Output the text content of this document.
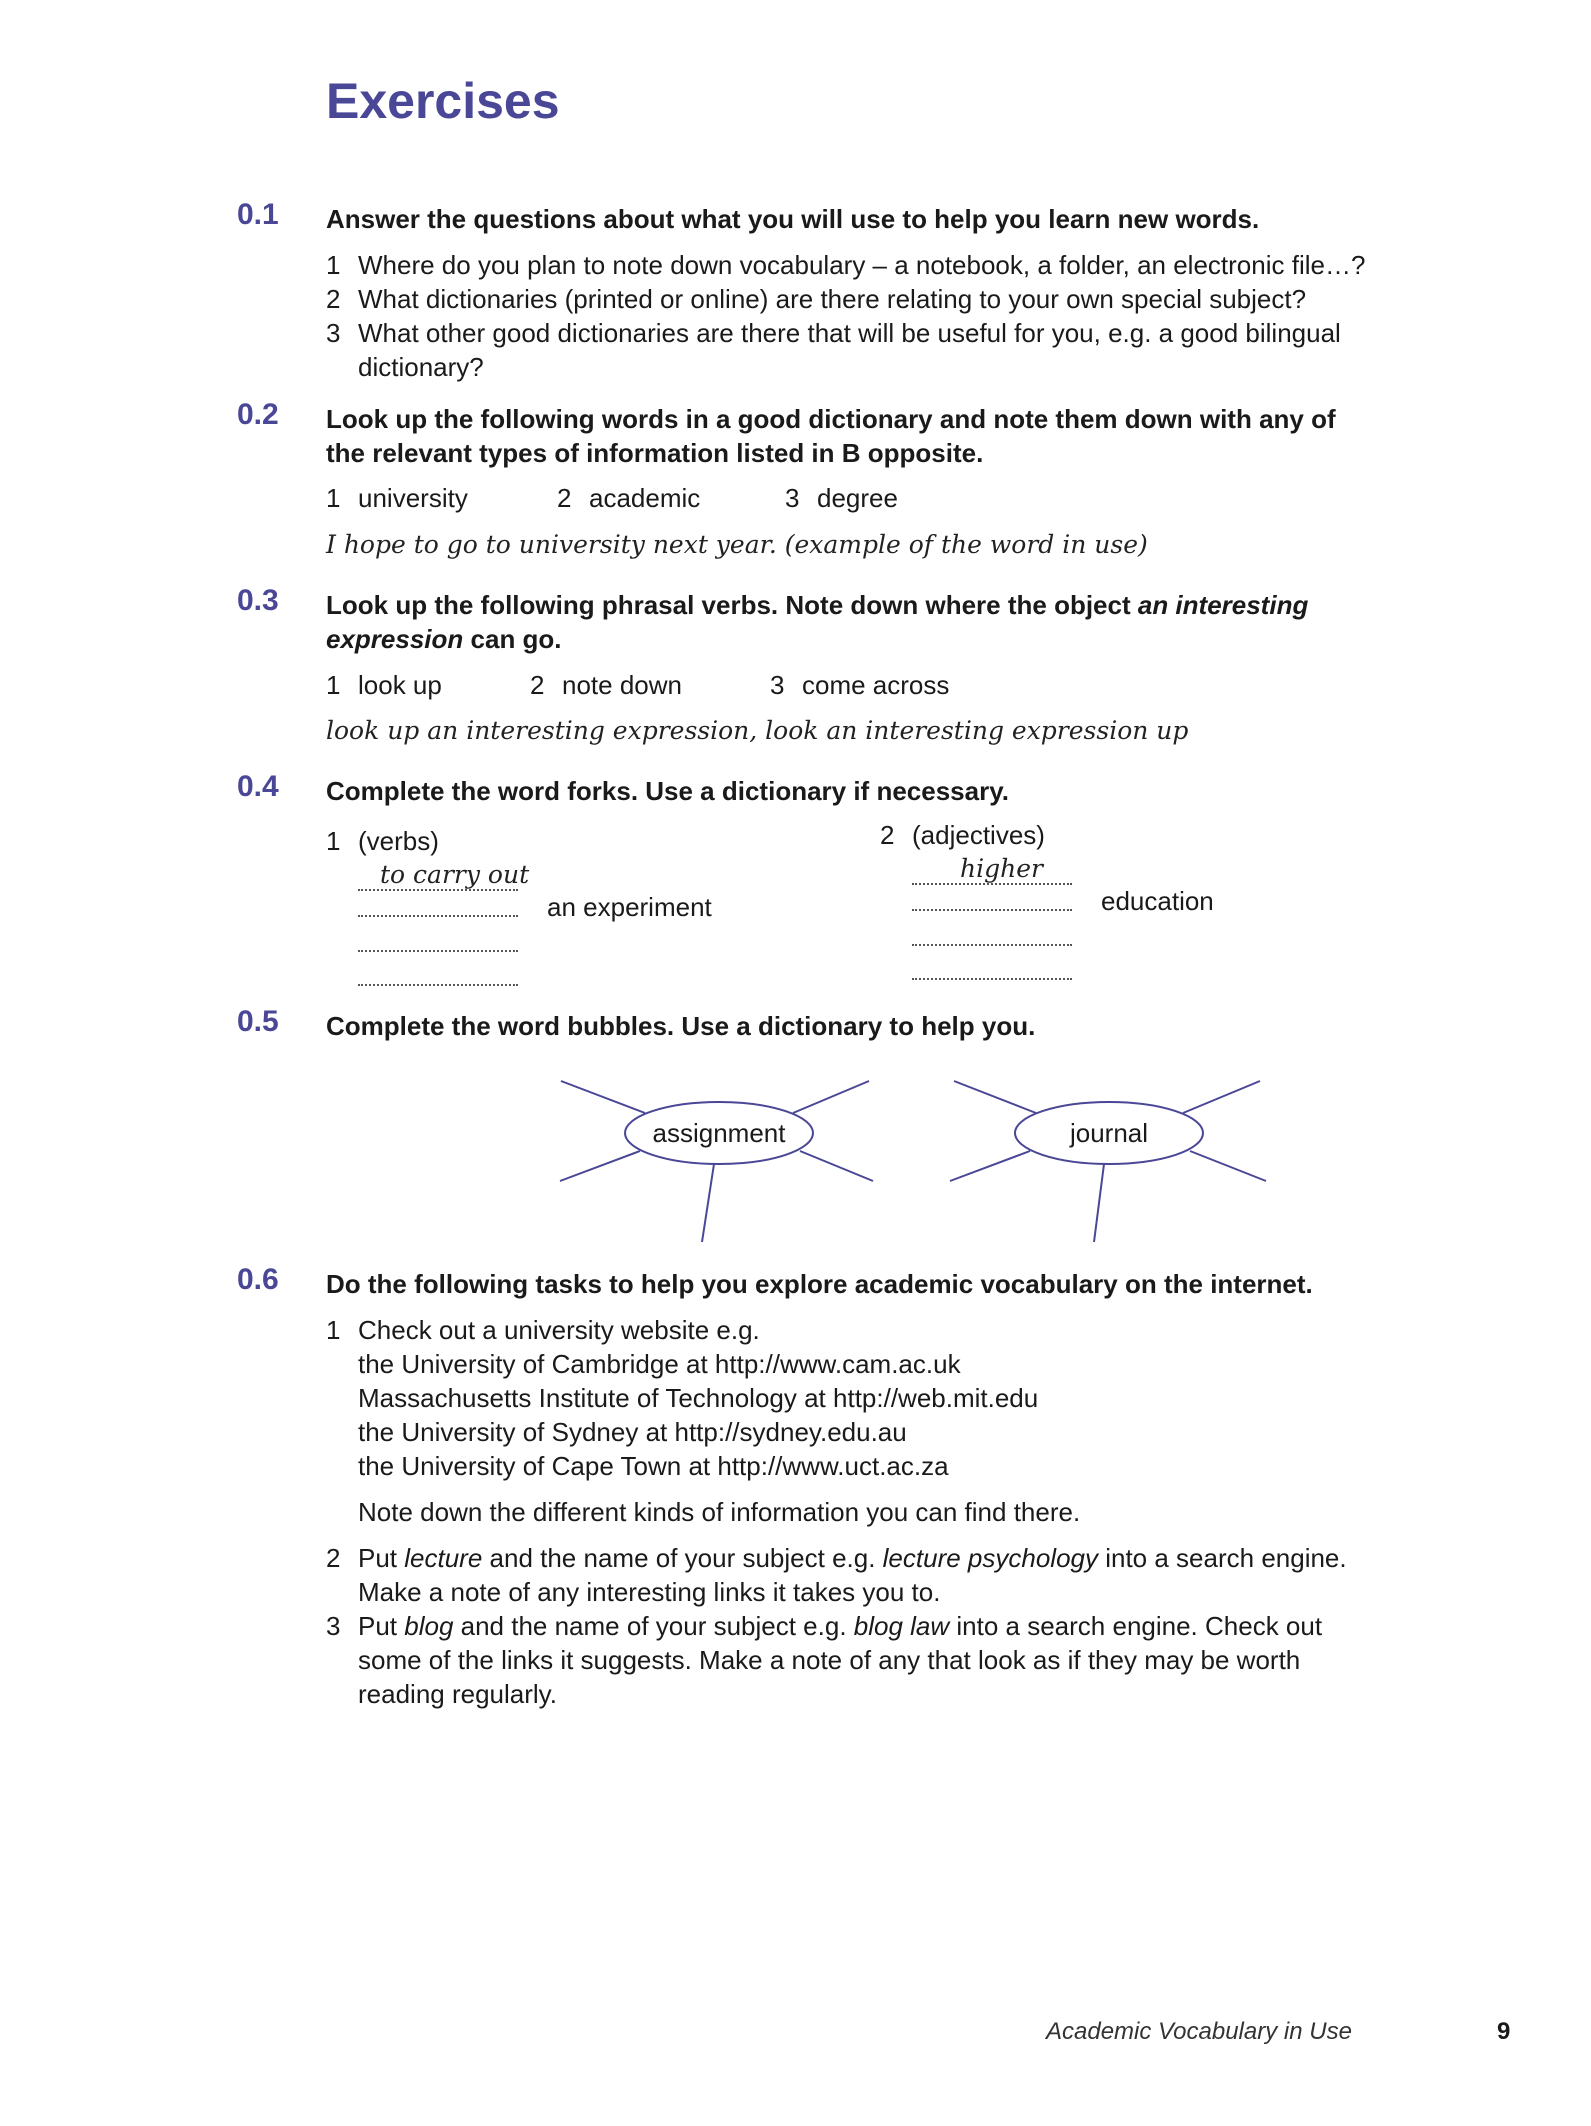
Exercises
0.1 Answer the questions about what you will use to help you learn new words.
1 Where do you plan to note down vocabulary – a notebook, a folder, an electronic file…?
2 What dictionaries (printed or online) are there relating to your own special subject?
3 What other good dictionaries are there that will be useful for you, e.g. a good bilingual
dictionary?
0.2 Look up the following words in a good dictionary and note them down with any of
the relevant types of information listed in B opposite.
1 university	2 academic	3 degree
I hope to go to university next year. (example of the word in use)
0.3 Look up the following phrasal verbs. Note down where the object an interesting
expression can go.
1 look up	2 note down	3 come across
look up an interesting expression, look an interesting expression up
0.4 Complete the word forks. Use a dictionary if necessary.
1 (verbs)
to carry out
an experiment
2 (adjectives)
higher
education
0.5 Complete the word bubbles. Use a dictionary to help you.
assignment	journal
0.6 Do the following tasks to help you explore academic vocabulary on the internet.
1 Check out a university website e.g.
the University of Cambridge at http://www.cam.ac.uk
Massachusetts Institute of Technology at http://web.mit.edu
the University of Sydney at http://sydney.edu.au
the University of Cape Town at http://www.uct.ac.za
Note down the different kinds of information you can find there.
2 Put lecture and the name of your subject e.g. lecture psychology into a search engine.
Make a note of any interesting links it takes you to.
3 Put blog and the name of your subject e.g. blog law into a search engine. Check out
some of the links it suggests. Make a note of any that look as if they may be worth
reading regularly.
Academic Vocabulary in Use	9
